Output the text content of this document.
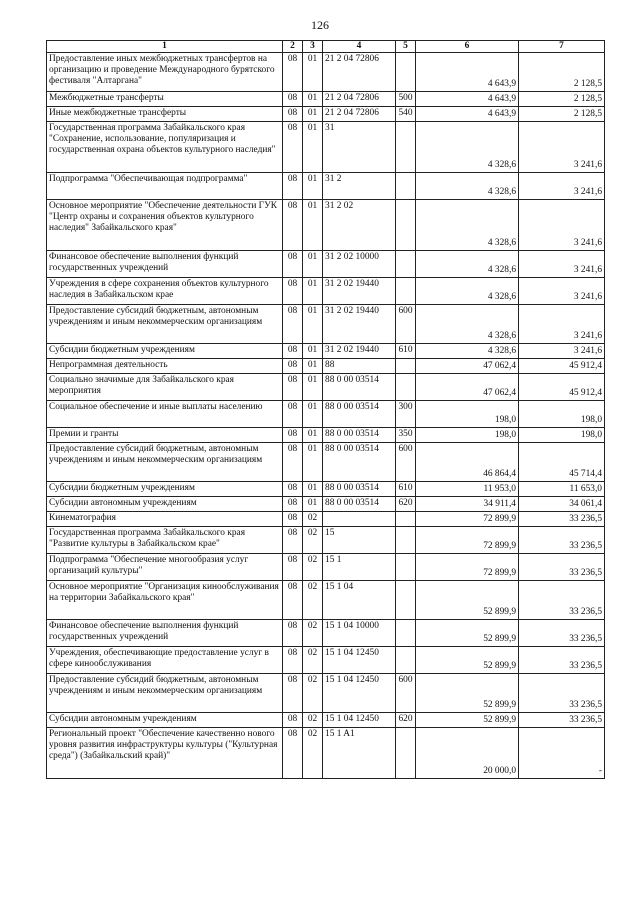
126
1	2	3	4	5	6	7
Предоставление иных межбюджетных трансфертов на организацию и проведение Международного бурятского фестиваля "Алтаргана"	08	01	21 2 04 72806		4 643,9	2 128,5
Межбюджетные трансферты	08	01	21 2 04 72806	500	4 643,9	2 128,5
Иные межбюджетные трансферты	08	01	21 2 04 72806	540	4 643,9	2 128,5
Государственная программа Забайкальского края "Сохранение, использование, популяризация и государственная охрана объектов культурного наследия"	08	01	31		4 328,6	3 241,6
Подпрограмма "Обеспечивающая подпрограмма"	08	01	31 2		4 328,6	3 241,6
Основное мероприятие "Обеспечение деятельности ГУК "Центр охраны и сохранения объектов культурного наследия" Забайкальского края"	08	01	31 2 02		4 328,6	3 241,6
Финансовое обеспечение выполнения функций государственных учреждений	08	01	31 2 02 10000		4 328,6	3 241,6
Учреждения в сфере сохранения объектов культурного наследия в Забайкальском крае	08	01	31 2 02 19440		4 328,6	3 241,6
Предоставление субсидий бюджетным, автономным учреждениям и иным некоммерческим организациям	08	01	31 2 02 19440	600	4 328,6	3 241,6
Субсидии бюджетным учреждениям	08	01	31 2 02 19440	610	4 328,6	3 241,6
Непрограммная деятельность	08	01	88		47 062,4	45 912,4
Социально значимые для Забайкальского края мероприятия	08	01	88 0 00 03514		47 062,4	45 912,4
Социальное обеспечение и иные выплаты населению	08	01	88 0 00 03514	300	198,0	198,0
Премии и гранты	08	01	88 0 00 03514	350	198,0	198,0
Предоставление субсидий бюджетным, автономным учреждениям и иным некоммерческим организациям	08	01	88 0 00 03514	600	46 864,4	45 714,4
Субсидии бюджетным учреждениям	08	01	88 0 00 03514	610	11 953,0	11 653,0
Субсидии автономным учреждениям	08	01	88 0 00 03514	620	34 911,4	34 061,4
Кинематография	08	02			72 899,9	33 236,5
Государственная программа Забайкальского края "Развитие культуры в Забайкальском крае"	08	02	15		72 899,9	33 236,5
Подпрограмма "Обеспечение многообразия услуг организаций культуры"	08	02	15 1		72 899,9	33 236,5
Основное мероприятие "Организация кинообслуживания на территории Забайкальского края"	08	02	15 1 04		52 899,9	33 236,5
Финансовое обеспечение выполнения функций государственных учреждений	08	02	15 1 04 10000		52 899,9	33 236,5
Учреждения, обеспечивающие предоставление услуг в сфере кинообслуживания	08	02	15 1 04 12450		52 899,9	33 236,5
Предоставление субсидий бюджетным, автономным учреждениям и иным некоммерческим организациям	08	02	15 1 04 12450	600	52 899,9	33 236,5
Субсидии автономным учреждениям	08	02	15 1 04 12450	620	52 899,9	33 236,5
Региональный проект "Обеспечение качественно нового уровня развития инфраструктуры культуры ("Культурная среда") (Забайкальский край)"	08	02	15 1 A1		20 000,0	-
